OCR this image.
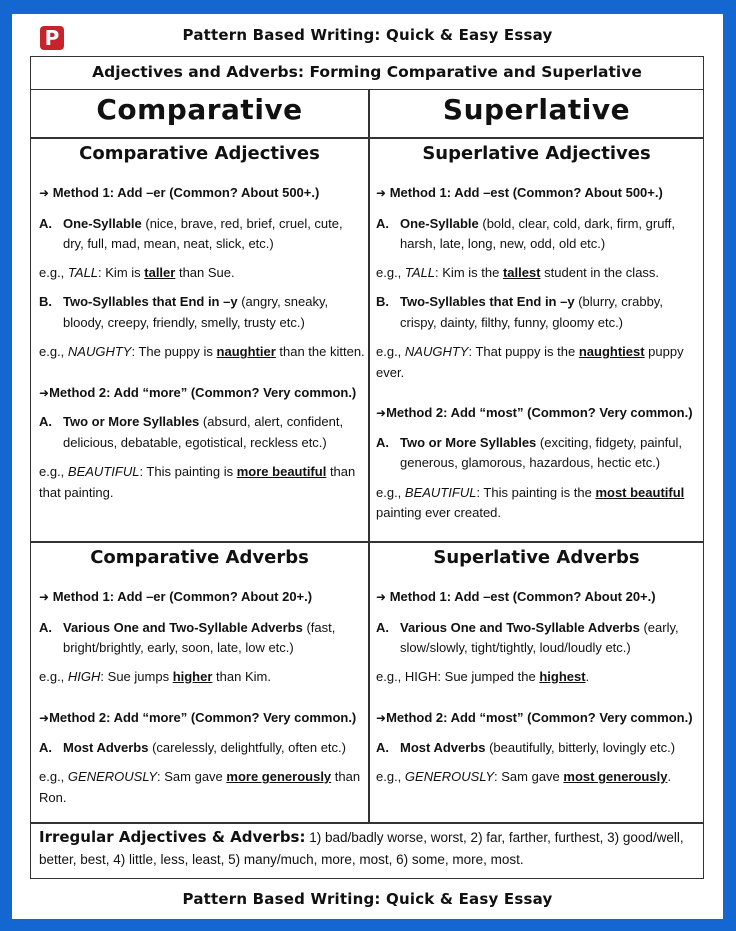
P	Pattern Based Writing: Quick & Easy Essay
Adjectives and Adverbs: Forming Comparative and Superlative
Comparative	Superlative
Comparative Adjectives
➜ Method 1: Add –er (Common? About 500+.)
A. One-Syllable (nice, brave, red, brief, cruel, cute, dry, full, mad, mean, neat, slick, etc.)
e.g., TALL: Kim is taller than Sue.
B. Two-Syllables that End in –y (angry, sneaky, bloody, creepy, friendly, smelly, trusty etc.)
e.g., NAUGHTY: The puppy is naughtier than the kitten.
➜Method 2: Add “more” (Common? Very common.)
A. Two or More Syllables (absurd, alert, confident, delicious, debatable, egotistical, reckless etc.)
e.g., BEAUTIFUL: This painting is more beautiful than that painting.
Superlative Adjectives
➜ Method 1: Add –est (Common? About 500+.)
A. One-Syllable (bold, clear, cold, dark, firm, gruff, harsh, late, long, new, odd, old etc.)
e.g., TALL: Kim is the tallest student in the class.
B. Two-Syllables that End in –y (blurry, crabby, crispy, dainty, filthy, funny, gloomy etc.)
e.g., NAUGHTY: That puppy is the naughtiest puppy ever.
➜Method 2: Add “most” (Common? Very common.)
A. Two or More Syllables (exciting, fidgety, painful, generous, glamorous, hazardous, hectic etc.)
e.g., BEAUTIFUL: This painting is the most beautiful painting ever created.
Comparative Adverbs
➜ Method 1: Add –er (Common? About 20+.)
A. Various One and Two-Syllable Adverbs (fast, bright/brightly, early, soon, late, low etc.)
e.g., HIGH: Sue jumps higher than Kim.
➜Method 2: Add “more” (Common? Very common.)
A. Most Adverbs (carelessly, delightfully, often etc.)
e.g., GENEROUSLY: Sam gave more generously than Ron.
Superlative Adverbs
➜ Method 1: Add –est (Common? About 20+.)
A. Various One and Two-Syllable Adverbs (early, slow/slowly, tight/tightly, loud/loudly etc.)
e.g., HIGH: Sue jumped the highest.
➜Method 2: Add “most” (Common? Very common.)
A. Most Adverbs (beautifully, bitterly, lovingly etc.)
e.g., GENEROUSLY: Sam gave most generously.
Irregular Adjectives & Adverbs: 1) bad/badly worse, worst, 2) far, farther, furthest, 3) good/well, better, best, 4) little, less, least, 5) many/much, more, most, 6) some, more, most.
Pattern Based Writing: Quick & Easy Essay
